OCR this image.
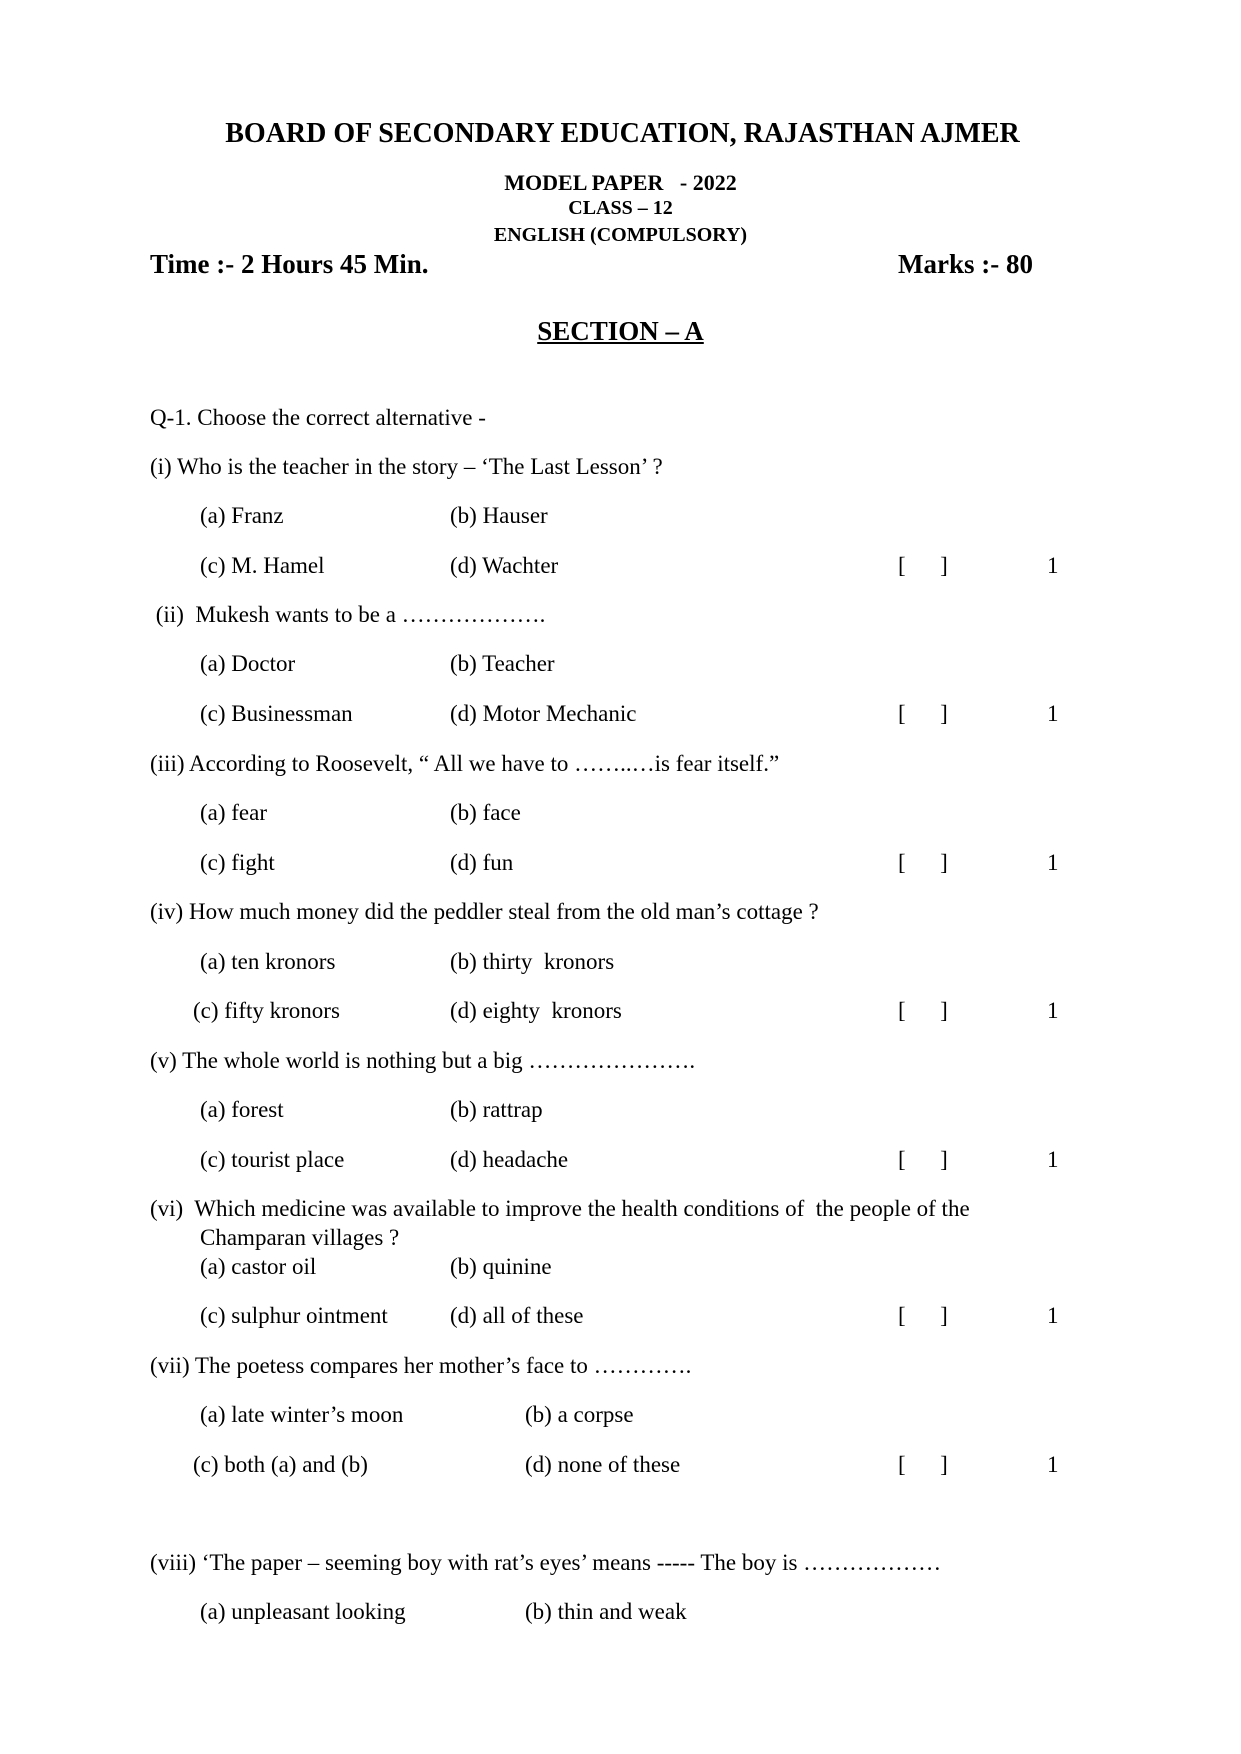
BOARD OF SECONDARY EDUCATION, RAJASTHAN AJMER
MODEL PAPER   - 2022
CLASS – 12
ENGLISH (COMPULSORY)
Time :- 2 Hours 45 Min.	Marks :- 80
SECTION – A
Q-1. Choose the correct alternative -
(i) Who is the teacher in the story – ‘The Last Lesson’ ?
(a) Franz	(b) Hauser
(c) M. Hamel	(d) Wachter	[      ]	1
(ii)  Mukesh wants to be a ……………….
(a) Doctor	(b) Teacher
(c) Businessman	(d) Motor Mechanic	[      ]	1
(iii) According to Roosevelt, “ All we have to ……..…is fear itself.”
(a) fear	(b) face
(c) fight	(d) fun	[      ]	1
(iv) How much money did the peddler steal from the old man’s cottage ?
(a) ten kronors	(b) thirty  kronors
(c) fifty kronors	(d) eighty  kronors	[      ]	1
(v) The whole world is nothing but a big ………………….
(a) forest	(b) rattrap
(c) tourist place	(d) headache	[      ]	1
(vi)  Which medicine was available to improve the health conditions of  the people of the
Champaran villages ?
(a) castor oil	(b) quinine
(c) sulphur ointment	(d) all of these	[      ]	1
(vii) The poetess compares her mother’s face to ………….
(a) late winter’s moon	(b) a corpse
(c) both (a) and (b)	(d) none of these	[      ]	1
(viii) ‘The paper – seeming boy with rat’s eyes’ means ----- The boy is ………………
(a) unpleasant looking	(b) thin and weak
